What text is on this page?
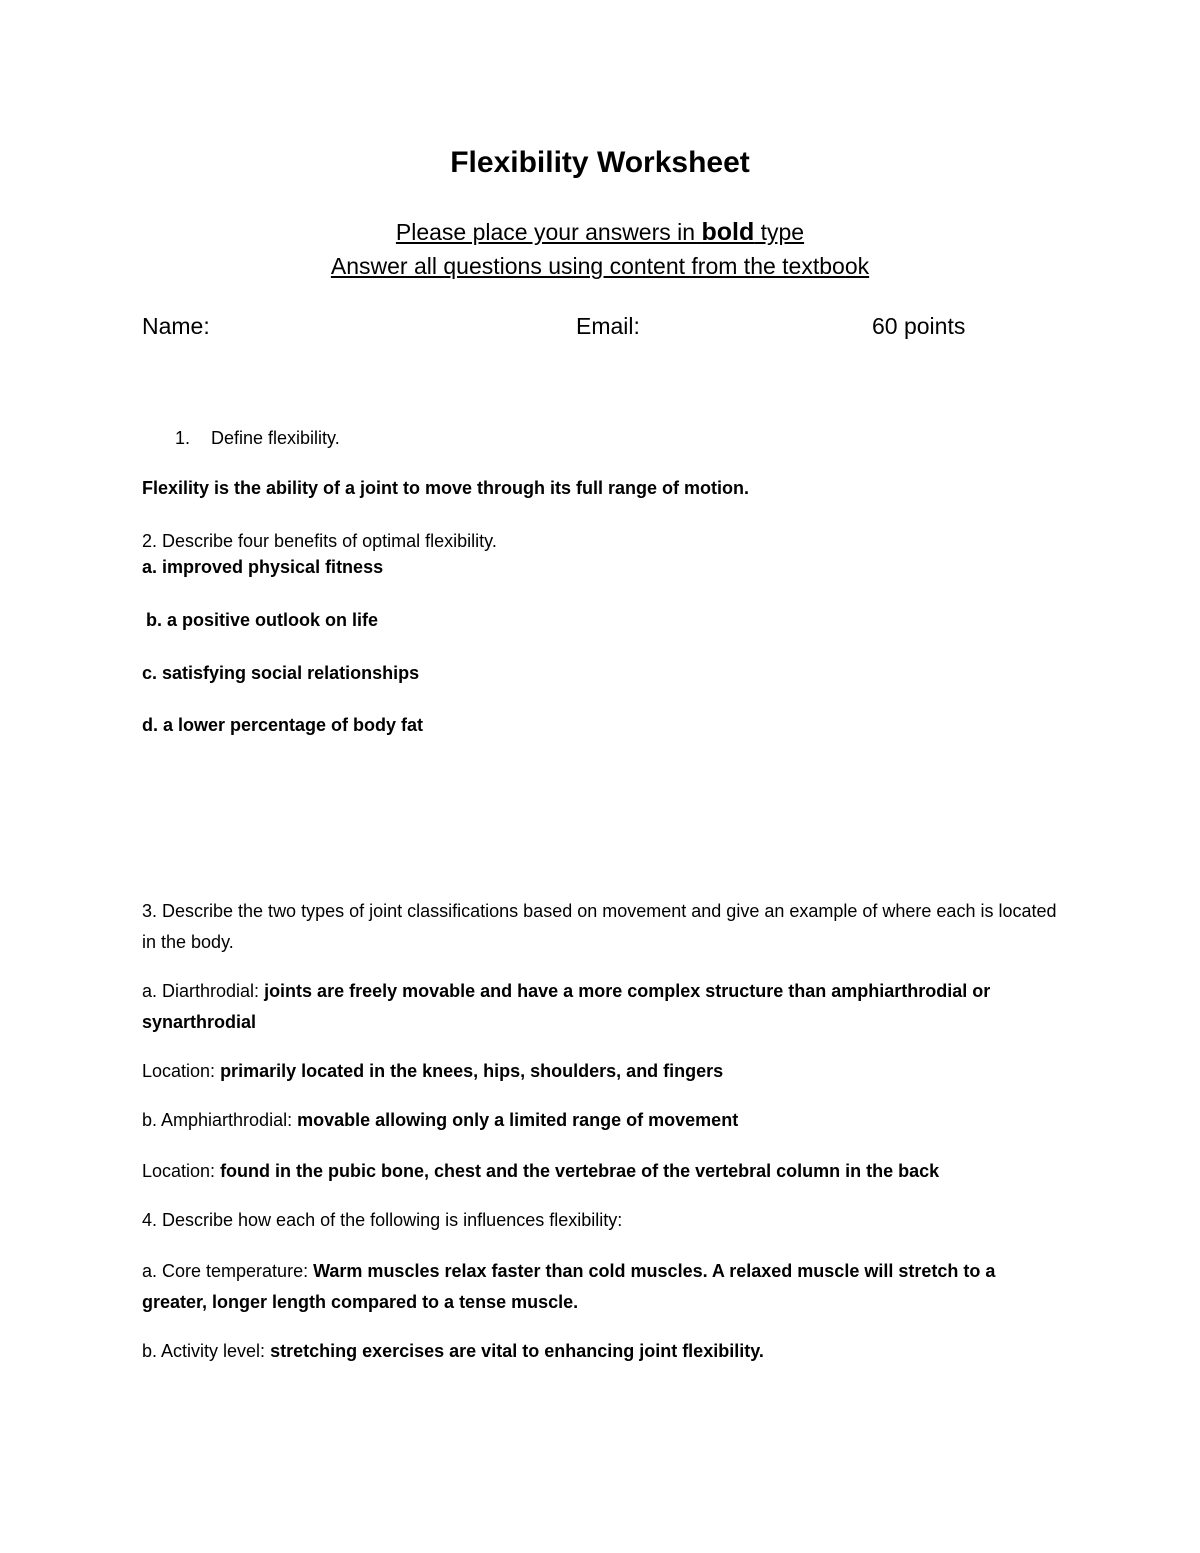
Flexibility Worksheet
Please place your answers in bold type
Answer all questions using content from the textbook
Name:	Email:	60 points
1. Define flexibility.
Flexility is the ability of a joint to move through its full range of motion.
2. Describe four benefits of optimal flexibility.
a. improved physical fitness
b. a positive outlook on life
c. satisfying social relationships
d. a lower percentage of body fat
3. Describe the two types of joint classifications based on movement and give an example of where each is located in the body.
a. Diarthrodial: joints are freely movable and have a more complex structure than amphiarthrodial or synarthrodial
Location: primarily located in the knees, hips, shoulders, and fingers
b. Amphiarthrodial: movable allowing only a limited range of movement
Location: found in the pubic bone, chest and the vertebrae of the vertebral column in the back
4. Describe how each of the following is influences flexibility:
a. Core temperature: Warm muscles relax faster than cold muscles. A relaxed muscle will stretch to a greater, longer length compared to a tense muscle.
b. Activity level: stretching exercises are vital to enhancing joint flexibility.
